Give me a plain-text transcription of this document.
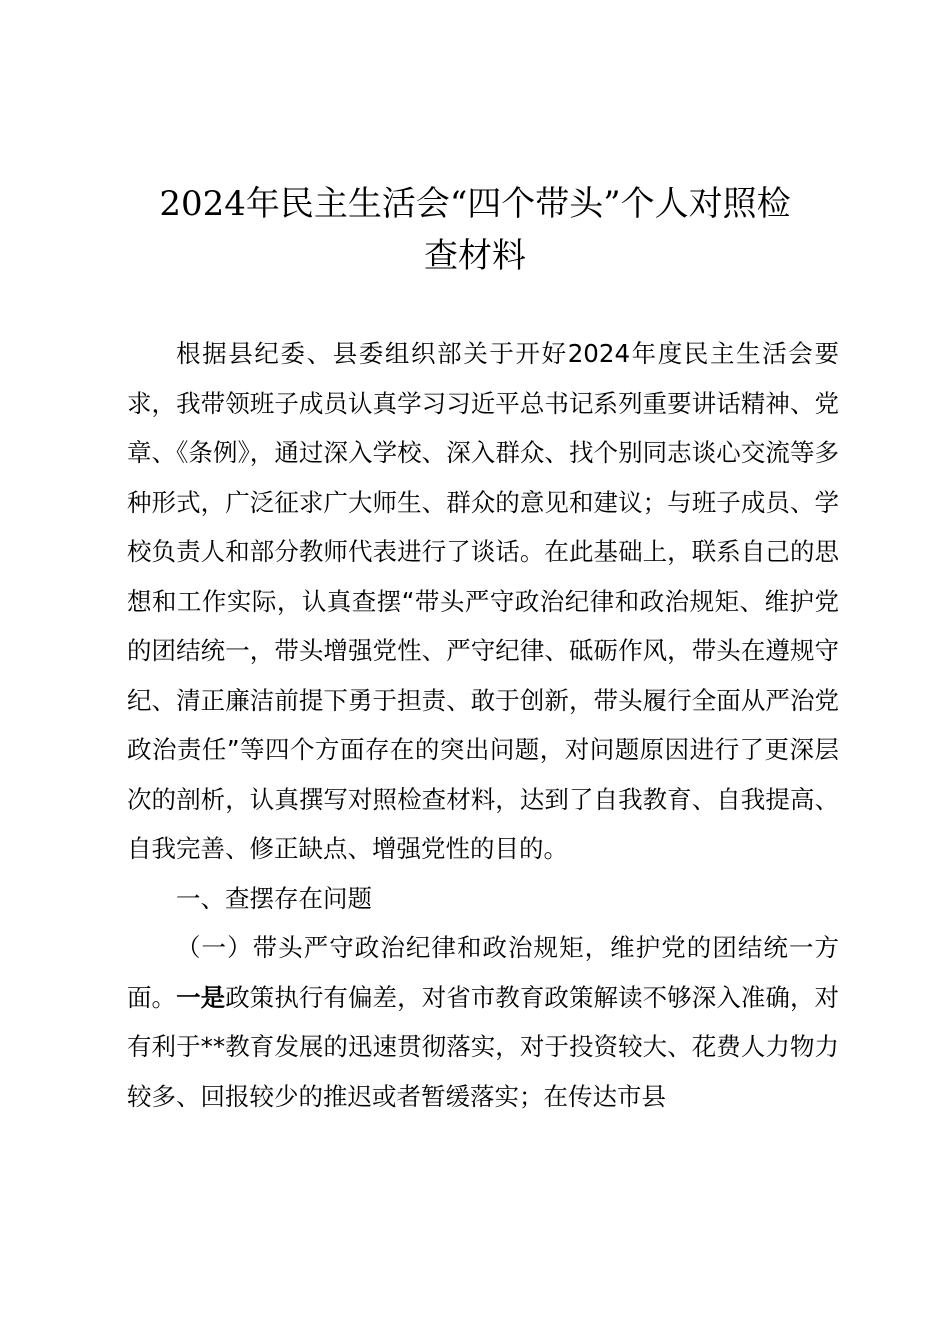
2024年民主生活会“四个带头”个人对照检
查材料

根据县纪委、县委组织部关于开好2024年度民主生活会要求，我带领班子成员认真学习习近平总书记系列重要讲话精神、党章、《条例》，通过深入学校、深入群众、找个别同志谈心交流等多种形式，广泛征求广大师生、群众的意见和建议；与班子成员、学校负责人和部分教师代表进行了谈话。在此基础上，联系自己的思想和工作实际，认真查摆“带头严守政治纪律和政治规矩、维护党的团结统一，带头增强党性、严守纪律、砥砺作风，带头在遵规守纪、清正廉洁前提下勇于担责、敢于创新，带头履行全面从严治党政治责任”等四个方面存在的突出问题，对问题原因进行了更深层次的剖析，认真撰写对照检查材料，达到了自我教育、自我提高、自我完善、修正缺点、增强党性的目的。

一、查摆存在问题

（一）带头严守政治纪律和政治规矩，维护党的团结统一方面。一是政策执行有偏差，对省市教育政策解读不够深入准确，对有利于**教育发展的迅速贯彻落实，对于投资较大、花费人力物力较多、回报较少的推迟或者暂缓落实；在传达市县
